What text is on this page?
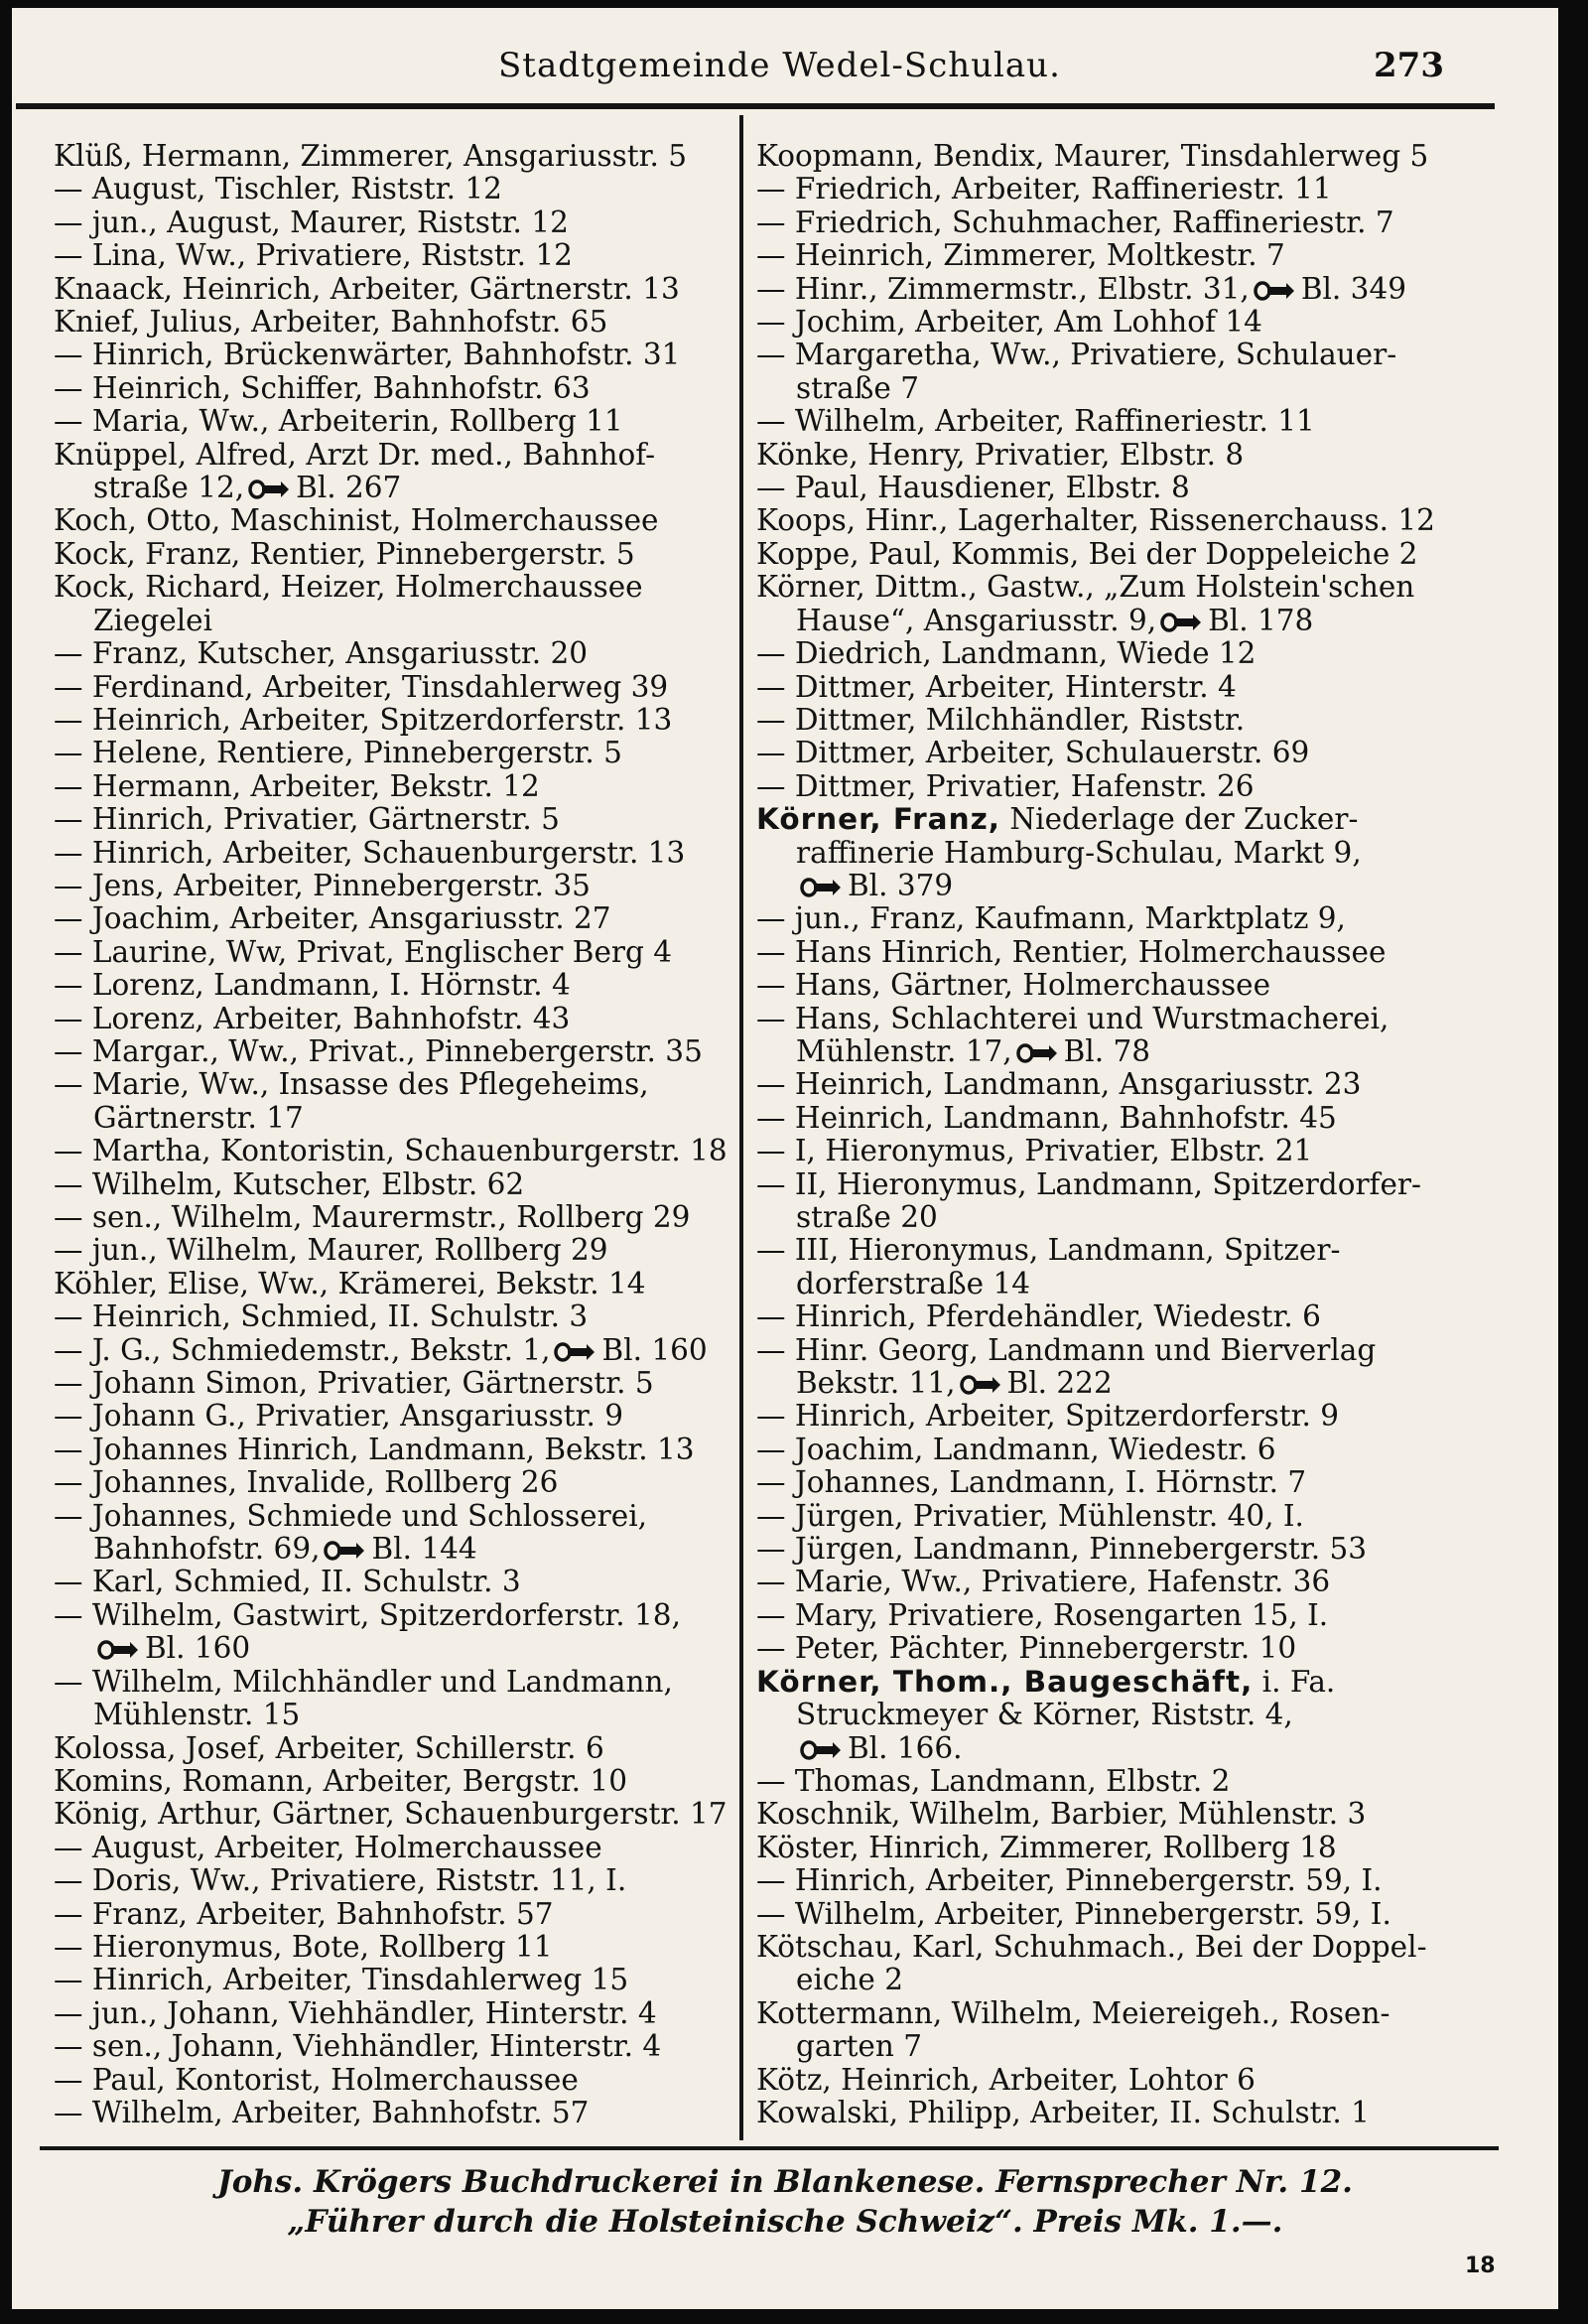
Stadtgemeinde Wedel-Schulau.	273
Klüß, Hermann, Zimmerer, Ansgariusstr. 5
— August, Tischler, Riststr. 12
— jun., August, Maurer, Riststr. 12
— Lina, Ww., Privatiere, Riststr. 12
Knaack, Heinrich, Arbeiter, Gärtnerstr. 13
Knief, Julius, Arbeiter, Bahnhofstr. 65
— Hinrich, Brückenwärter, Bahnhofstr. 31
— Heinrich, Schiffer, Bahnhofstr. 63
— Maria, Ww., Arbeiterin, Rollberg 11
Knüppel, Alfred, Arzt Dr. med., Bahnhof-
straße 12, Bl. 267
Koch, Otto, Maschinist, Holmerchaussee
Kock, Franz, Rentier, Pinnebergerstr. 5
Kock, Richard, Heizer, Holmerchaussee
Ziegelei
— Franz, Kutscher, Ansgariusstr. 20
— Ferdinand, Arbeiter, Tinsdahlerweg 39
— Heinrich, Arbeiter, Spitzerdorferstr. 13
— Helene, Rentiere, Pinnebergerstr. 5
— Hermann, Arbeiter, Bekstr. 12
— Hinrich, Privatier, Gärtnerstr. 5
— Hinrich, Arbeiter, Schauenburgerstr. 13
— Jens, Arbeiter, Pinnebergerstr. 35
— Joachim, Arbeiter, Ansgariusstr. 27
— Laurine, Ww, Privat, Englischer Berg 4
— Lorenz, Landmann, I. Hörnstr. 4
— Lorenz, Arbeiter, Bahnhofstr. 43
— Margar., Ww., Privat., Pinnebergerstr. 35
— Marie, Ww., Insasse des Pflegeheims,
Gärtnerstr. 17
— Martha, Kontoristin, Schauenburgerstr. 18
— Wilhelm, Kutscher, Elbstr. 62
— sen., Wilhelm, Maurermstr., Rollberg 29
— jun., Wilhelm, Maurer, Rollberg 29
Köhler, Elise, Ww., Krämerei, Bekstr. 14
— Heinrich, Schmied, II. Schulstr. 3
— J. G., Schmiedemstr., Bekstr. 1, Bl. 160
— Johann Simon, Privatier, Gärtnerstr. 5
— Johann G., Privatier, Ansgariusstr. 9
— Johannes Hinrich, Landmann, Bekstr. 13
— Johannes, Invalide, Rollberg 26
— Johannes, Schmiede und Schlosserei,
Bahnhofstr. 69, Bl. 144
— Karl, Schmied, II. Schulstr. 3
— Wilhelm, Gastwirt, Spitzerdorferstr. 18,
Bl. 160
— Wilhelm, Milchhändler und Landmann,
Mühlenstr. 15
Kolossa, Josef, Arbeiter, Schillerstr. 6
Komins, Romann, Arbeiter, Bergstr. 10
König, Arthur, Gärtner, Schauenburgerstr. 17
— August, Arbeiter, Holmerchaussee
— Doris, Ww., Privatiere, Riststr. 11, I.
— Franz, Arbeiter, Bahnhofstr. 57
— Hieronymus, Bote, Rollberg 11
— Hinrich, Arbeiter, Tinsdahlerweg 15
— jun., Johann, Viehhändler, Hinterstr. 4
— sen., Johann, Viehhändler, Hinterstr. 4
— Paul, Kontorist, Holmerchaussee
— Wilhelm, Arbeiter, Bahnhofstr. 57
Koopmann, Bendix, Maurer, Tinsdahlerweg 5
— Friedrich, Arbeiter, Raffineriestr. 11
— Friedrich, Schuhmacher, Raffineriestr. 7
— Heinrich, Zimmerer, Moltkestr. 7
— Hinr., Zimmermstr., Elbstr. 31, Bl. 349
— Jochim, Arbeiter, Am Lohhof 14
— Margaretha, Ww., Privatiere, Schulauer-
straße 7
— Wilhelm, Arbeiter, Raffineriestr. 11
Könke, Henry, Privatier, Elbstr. 8
— Paul, Hausdiener, Elbstr. 8
Koops, Hinr., Lagerhalter, Rissenerchauss. 12
Koppe, Paul, Kommis, Bei der Doppeleiche 2
Körner, Dittm., Gastw., „Zum Holstein'schen
Hause“, Ansgariusstr. 9, Bl. 178
— Diedrich, Landmann, Wiede 12
— Dittmer, Arbeiter, Hinterstr. 4
— Dittmer, Milchhändler, Riststr.
— Dittmer, Arbeiter, Schulauerstr. 69
— Dittmer, Privatier, Hafenstr. 26
Körner, Franz, Niederlage der Zucker-
raffinerie Hamburg-Schulau, Markt 9,
Bl. 379
— jun., Franz, Kaufmann, Marktplatz 9,
— Hans Hinrich, Rentier, Holmerchaussee
— Hans, Gärtner, Holmerchaussee
— Hans, Schlachterei und Wurstmacherei,
Mühlenstr. 17, Bl. 78
— Heinrich, Landmann, Ansgariusstr. 23
— Heinrich, Landmann, Bahnhofstr. 45
— I, Hieronymus, Privatier, Elbstr. 21
— II, Hieronymus, Landmann, Spitzerdorfer-
straße 20
— III, Hieronymus, Landmann, Spitzer-
dorferstraße 14
— Hinrich, Pferdehändler, Wiedestr. 6
— Hinr. Georg, Landmann und Bierverlag
Bekstr. 11, Bl. 222
— Hinrich, Arbeiter, Spitzerdorferstr. 9
— Joachim, Landmann, Wiedestr. 6
— Johannes, Landmann, I. Hörnstr. 7
— Jürgen, Privatier, Mühlenstr. 40, I.
— Jürgen, Landmann, Pinnebergerstr. 53
— Marie, Ww., Privatiere, Hafenstr. 36
— Mary, Privatiere, Rosengarten 15, I.
— Peter, Pächter, Pinnebergerstr. 10
Körner, Thom., Baugeschäft, i. Fa.
Struckmeyer & Körner, Riststr. 4,
Bl. 166.
— Thomas, Landmann, Elbstr. 2
Koschnik, Wilhelm, Barbier, Mühlenstr. 3
Köster, Hinrich, Zimmerer, Rollberg 18
— Hinrich, Arbeiter, Pinnebergerstr. 59, I.
— Wilhelm, Arbeiter, Pinnebergerstr. 59, I.
Kötschau, Karl, Schuhmach., Bei der Doppel-
eiche 2
Kottermann, Wilhelm, Meiereigeh., Rosen-
garten 7
Kötz, Heinrich, Arbeiter, Lohtor 6
Kowalski, Philipp, Arbeiter, II. Schulstr. 1
Johs. Krögers Buchdruckerei in Blankenese. Fernsprecher Nr. 12.
„Führer durch die Holsteinische Schweiz“. Preis Mk. 1.—.
18
